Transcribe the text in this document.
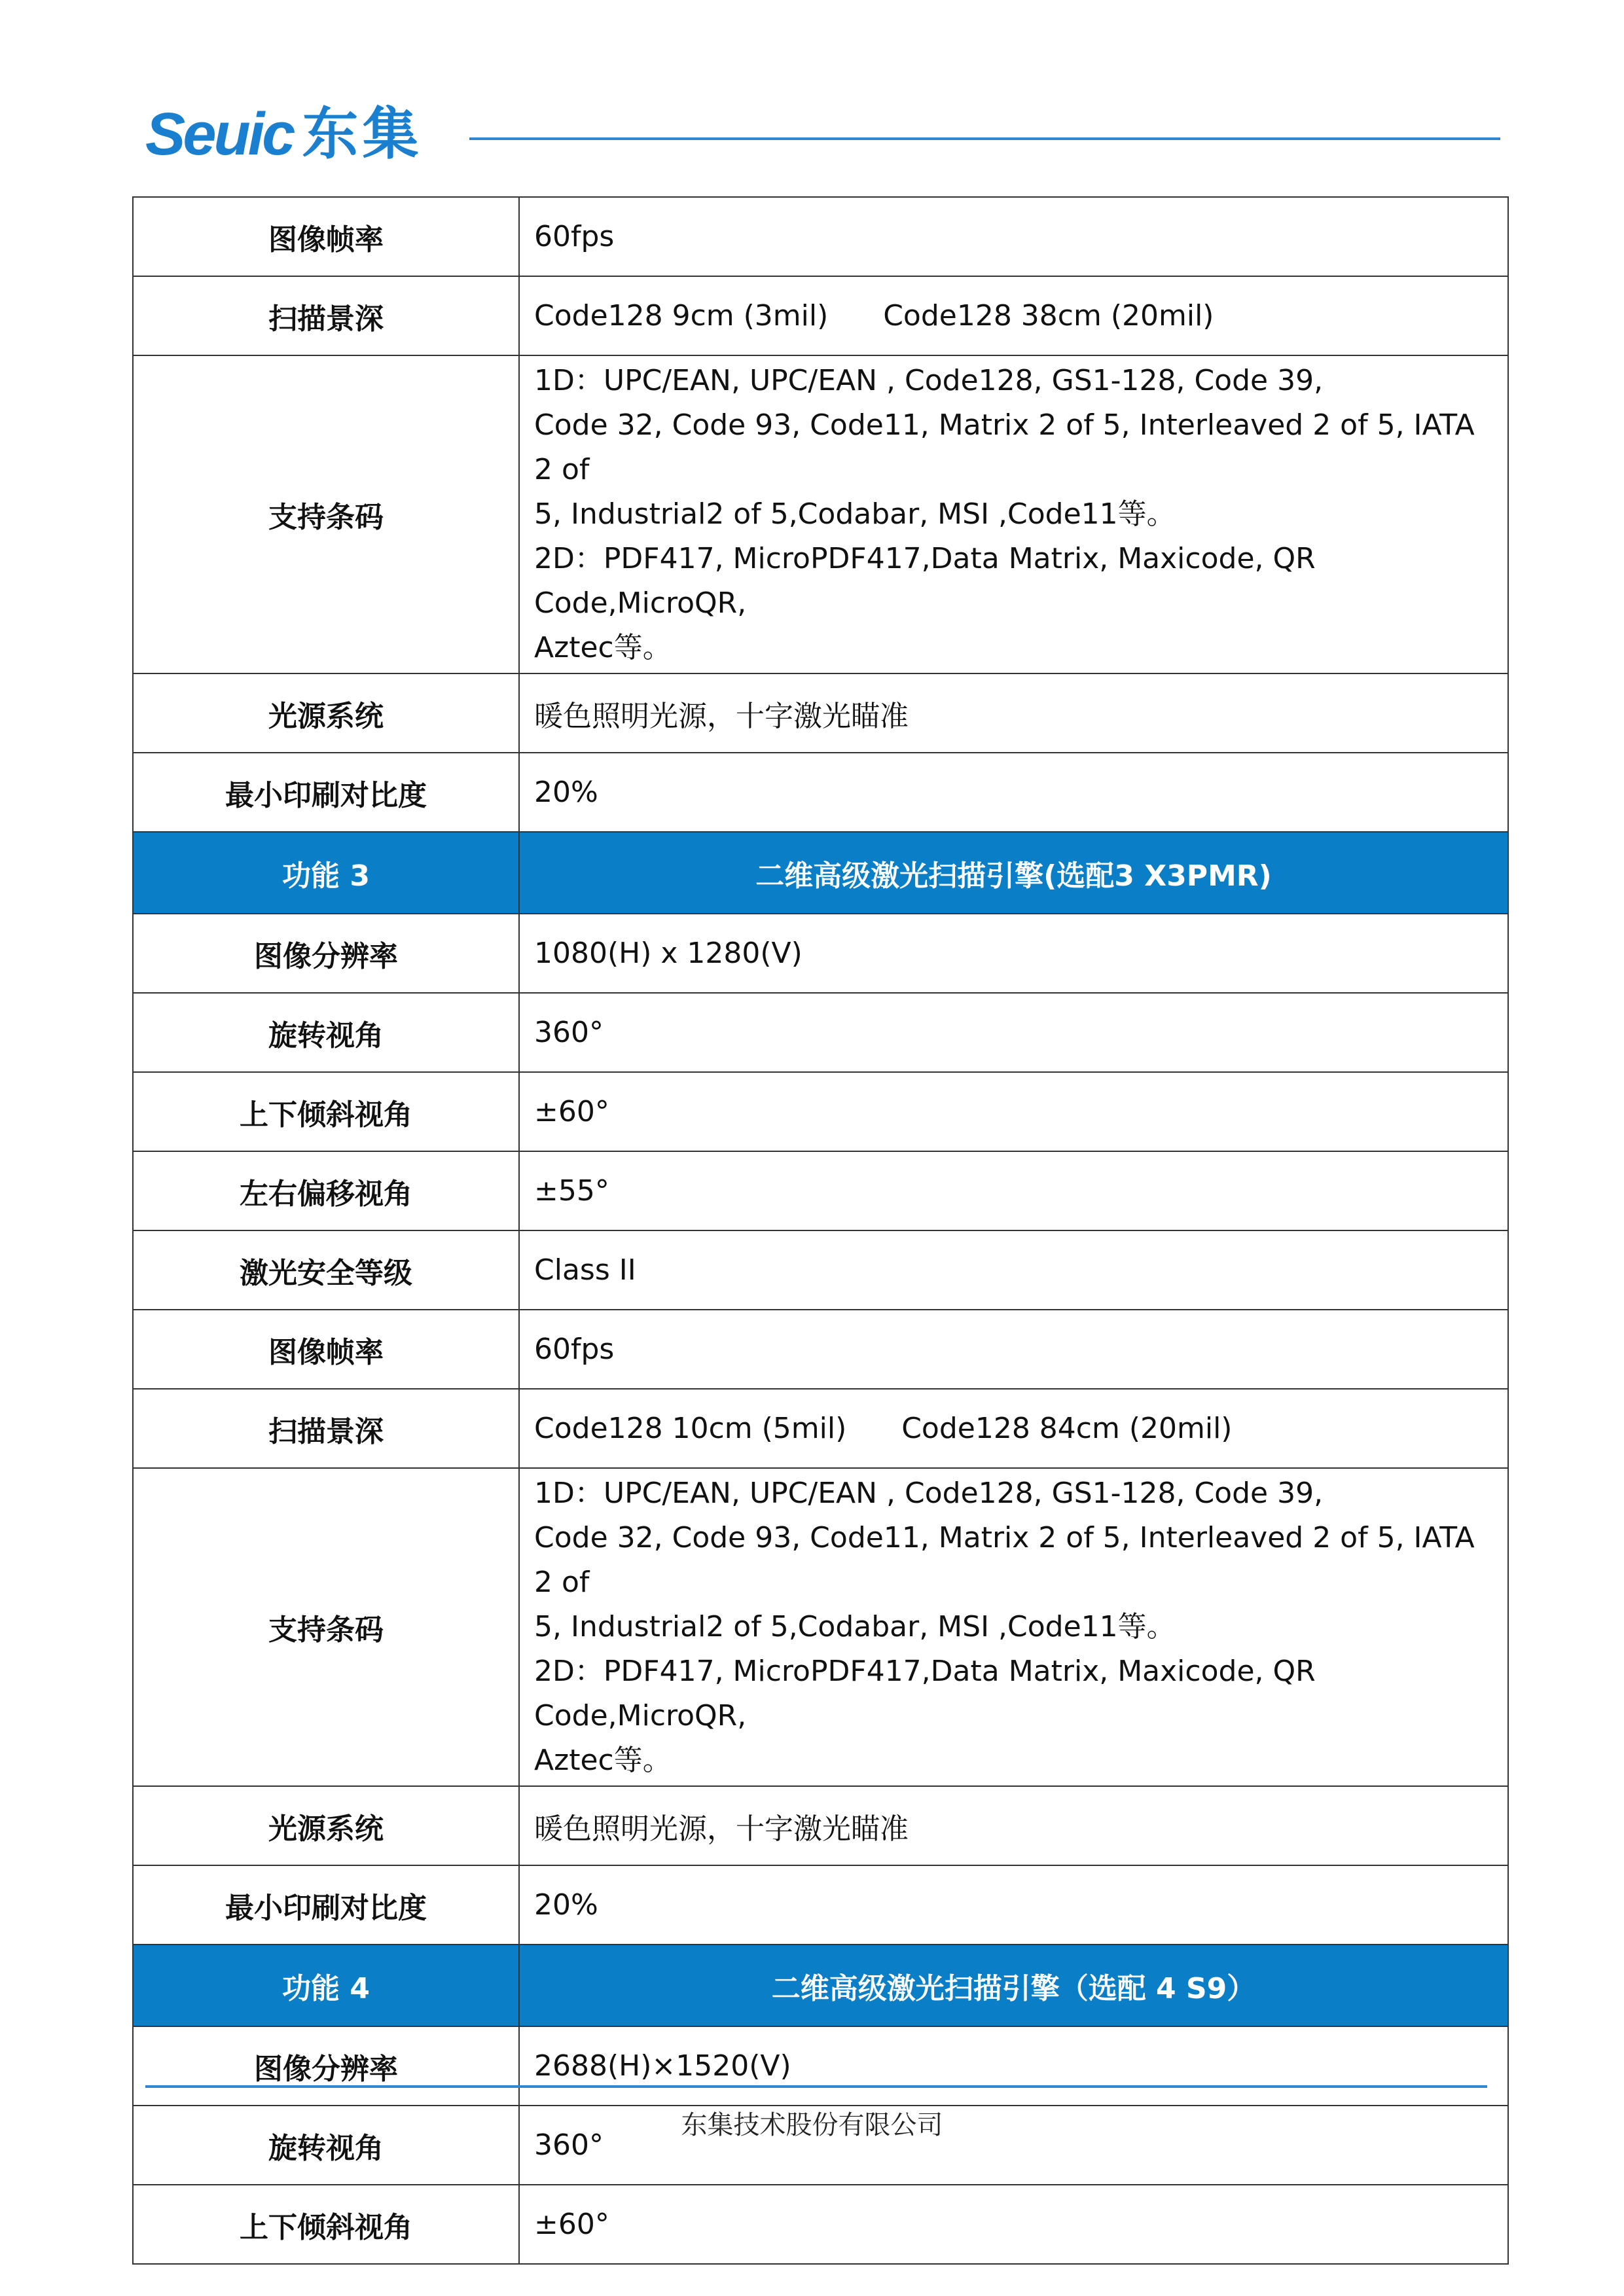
Seuic 东集
图像帧率	60fps
扫描景深	Code128 9cm (3mil)      Code128 38cm (20mil)
支持条码	1D：UPC/EAN, UPC/EAN , Code128, GS1-128, Code 39,
Code 32, Code 93, Code11, Matrix 2 of 5, Interleaved 2 of 5, IATA 2 of
5, Industrial2 of 5,Codabar, MSI ,Code11等。
2D：PDF417, MicroPDF417,Data Matrix, Maxicode, QR Code,MicroQR,
Aztec等。

光源系统	暖色照明光源，十字激光瞄准
最小印刷对比度	20%
功能 3	二维高级激光扫描引擎(选配3 X3PMR)
图像分辨率	1080(H) x 1280(V)
旋转视角	360°
上下倾斜视角	±60°
左右偏移视角	±55°
激光安全等级	Class II
图像帧率	60fps
扫描景深	Code128 10cm (5mil)      Code128 84cm (20mil)
支持条码	1D：UPC/EAN, UPC/EAN , Code128, GS1-128, Code 39,
Code 32, Code 93, Code11, Matrix 2 of 5, Interleaved 2 of 5, IATA 2 of
5, Industrial2 of 5,Codabar, MSI ,Code11等。
2D：PDF417, MicroPDF417,Data Matrix, Maxicode, QR Code,MicroQR,
Aztec等。

光源系统	暖色照明光源，十字激光瞄准
最小印刷对比度	20%
功能 4	二维高级激光扫描引擎（选配 4 S9）
图像分辨率	2688(H)×1520(V)
旋转视角	360°
上下倾斜视角	±60°
东集技术股份有限公司
